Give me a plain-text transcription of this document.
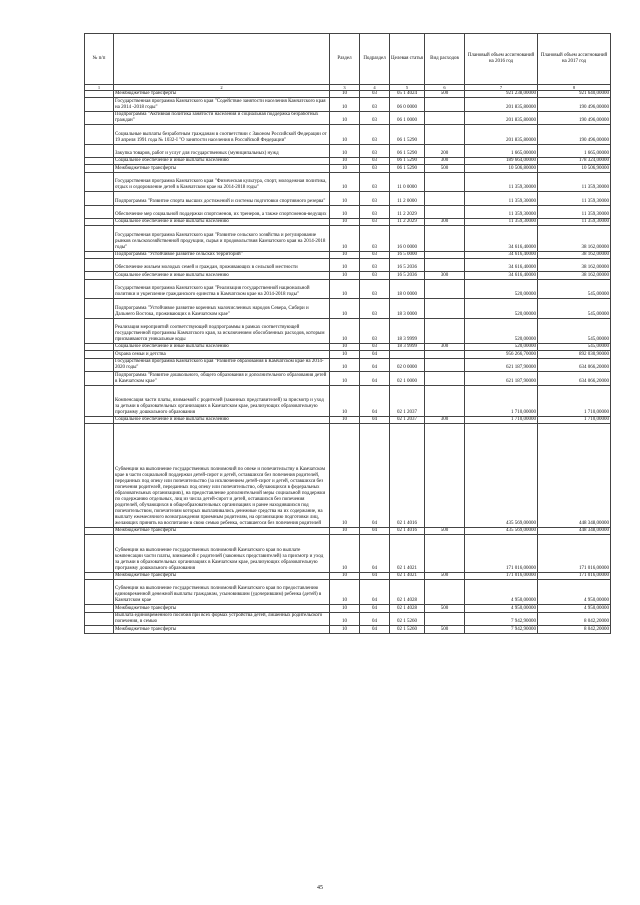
№ п/п		Раздел	Подраздел	Целевая статья	Вид расходов	Плановый объем ассигнований на 2016 год	Плановый объем ассигнований на 2017 год
1	2	3	4	5	6	7	8
	Межбюджетные трансферты	10	03	05 1 4024	500	921 238,00000	921 640,00000
	Государственная программа Камчатского края "Содействие занятости населения Камчатского края на 2014 -2018 годы"	10	03	06 0 0000		201 835,80000	190 496,00000
	Подпрограмма "Активная политика занятости населения и социальная поддержка безработных граждан"	10	03	06 1 0000		201 835,80000	190 496,00000
	Социальные выплаты безработным гражданам в соответствии с Законом Российской Федерации от 19 апреля 1991 года № 1032-I "О занятости населения в Российской Федерации"	10	03	06 1 5290		201 835,80000	190 496,00000
	Закупка товаров, работ и услуг для государственных (муниципальных) нужд	10	03	06 1 5290	200	1 665,00000	1 665,00000
	Социальное обеспечение и иные выплаты населению	10	03	06 1 5290	300	189 664,00000	178 324,00000
	Межбюджетные трансферты	10	03	06 1 5290	500	10 506,80000	10 506,90000
	Государственная программа Камчатского края "Физическая культура, спорт, молодежная политика, отдых и оздоровление детей в Камчатском крае на 2014-2018 годы"	10	03	11 0 0000		11 359,30000	11 359,30000
	Подпрограмма "Развитие спорта высших достижений и системы подготовки спортивного резерва"	10	03	11 2 0000		11 359,30000	11 359,30000
	Обеспечение мер социальной поддержки спортсменов, их тренеров, а также спортсменов-ведущих	10	03	11 2 2029		11 359,30000	11 359,30000
	Социальное обеспечение и иные выплаты населению	10	03	11 2 2029	300	11 359,30000	11 359,30000
	Государственная программа Камчатского края "Развитие сельского хозяйства и регулирование рынков сельскохозяйственной продукции, сырья и продовольствия Камчатского края на 2014-2018 годы"	10	03	16 0 0000		34 616,40000	38 162,00000
	Подпрограмма "Устойчивое развитие сельских территорий"	10	03	16 5 0000		34 616,40000	38 162,00000
	Обеспечение жильем молодых семей и граждан, проживающих в сельской местности	10	03	16 5 2036		34 616,40000	38 162,00000
	Социальное обеспечение и иные выплаты населению	10	03	16 5 2036	300	34 616,40000	38 162,00000
	Государственная программа Камчатского края "Реализация государственной национальной политики и укрепление гражданского единства в Камчатском крае на 2014-2018 годы"	10	03	18 0 0000		520,00000	545,00000
	Подпрограмма "Устойчивое развитие коренных малочисленных народов Севера, Сибири и Дальнего Востока, проживающих в Камчатском крае"	10	03	18 3 0000		520,00000	545,00000
	Реализация мероприятий соответствующей подпрограммы в рамках соответствующей государственной программы Камчатского края, за исключением обособленных расходов, которым присваиваются уникальные коды	10	03	18 3 9999		520,00000	545,00000
	Социальное обеспечение и иные выплаты населению	10	03	18 3 9999	300	520,00000	545,00000
	Охрана семьи и детства	10	04			956 266,70000	892 030,90000
	Государственная программа Камчатского края "Развитие образования в Камчатском крае на 2014-2020 годы"	10	04	02 0 0000		621 187,90000	634 066,20000
	Подпрограмма "Развитие дошкольного, общего образования и дополнительного образования детей в Камчатском крае"	10	04	02 1 0000		621 187,90000	634 066,20000
	Компенсация части платы, взимаемой с родителей (законных представителей) за присмотр и уход за детьми в образовательных организациях в Камчатском крае, реализующих образовательную программу дошкольного образования	10	04	02 1 2037		1 710,00000	1 710,00000
	Социальное обеспечение и иные выплаты населению	10	04	02 1 2037	300	1 710,00000	1 710,00000
	Субвенции на выполнение государственных полномочий по опеке и попечительству в Камчатском крае в части социальной поддержки детей-сирот и детей, оставшихся без попечения родителей, переданных под опеку или попечительство (за исключением детей-сирот и детей, оставшихся без попечения родителей, переданных под опеку или попечительство, обучающихся в федеральных образовательных организациях), на предоставление дополнительной меры социальной поддержки по содержанию отдельных, лиц из числа детей-сирот и детей, оставшихся без попечения родителей, обучающихся в общеобразовательных организациях и ранее находившихся под попечительством, попечителям которых выплачивались денежные средства на их содержание, на выплату ежемесячного вознаграждения приемным родителям, на организацию подготовки лиц, желающих принять на воспитание в свою семью ребенка, оставшегося без попечения родителей	10	04	02 1 4016		435 569,00000	448 348,00000
	Межбюджетные трансферты	10	04	02 1 4016	500	435 569,00000	448 348,00000
	Субвенции на выполнение государственных полномочий Камчатского края по выплате компенсации части платы, взимаемой с родителей (законных представителей) за присмотр и уход за детьми в образовательных организациях в Камчатском крае, реализующих образовательную программу дошкольного образования	10	04	02 1 4021		171 016,00000	171 016,00000
	Межбюджетные трансферты	10	04	02 1 4021	500	171 016,00000	171 016,00000
	Субвенции на выполнение государственных полномочий Камчатского края по предоставлению единовременной денежной выплаты гражданам, усыновившим (удочерившим) ребенка (детей) в Камчатском крае	10	04	02 1 4028		4 950,00000	4 950,00000
	Межбюджетные трансферты	10	04	02 1 4028	500	4 950,00000	4 950,00000
	Выплата единовременного пособия при всех формах устройства детей, лишенных родительского попечения, в семью	10	04	02 1 5260		7 942,90000	8 042,20000
	Межбюджетные трансферты	10	04	02 1 5260	500	7 942,90000	8 042,20000
45
